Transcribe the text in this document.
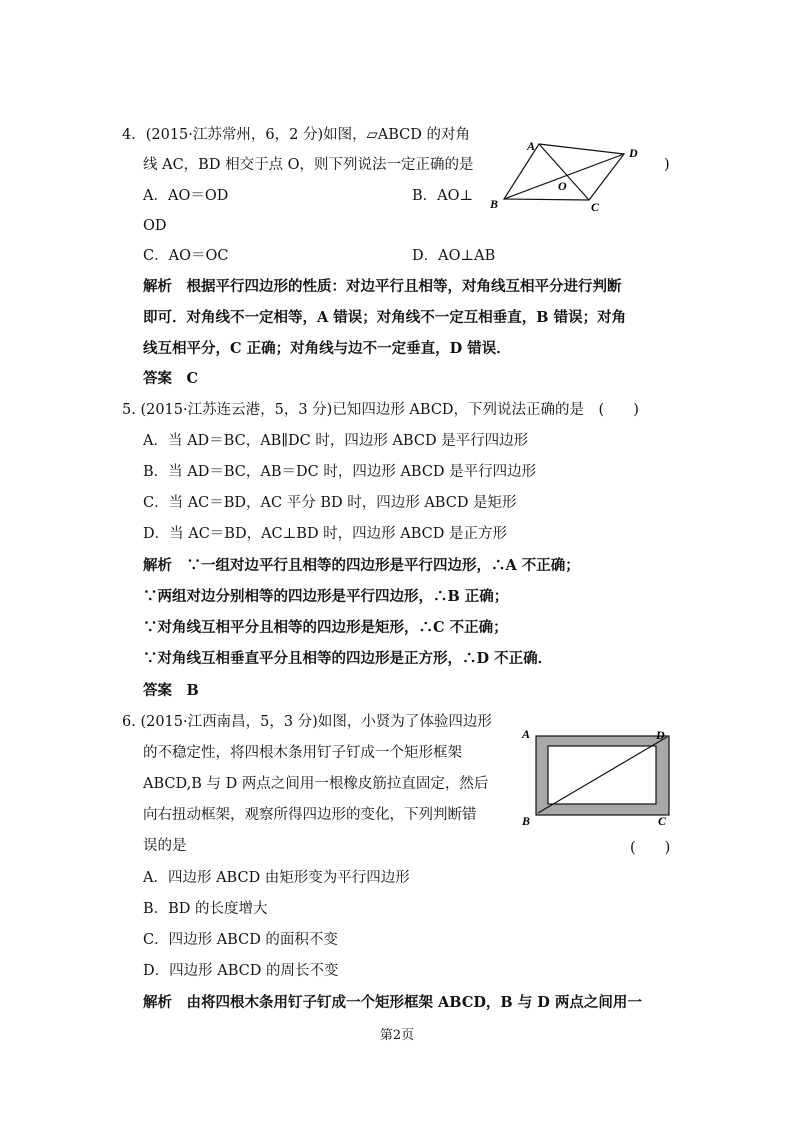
4．(2015·江苏常州，6，2 分)如图，▱ABCD 的对角
线 AC，BD 相交于点 O，则下列说法一定正确的是	)
A．AO＝OD	B．AO⊥
OD
C．AO＝OC	D．AO⊥AB
解析　根据平行四边形的性质：对边平行且相等，对角线互相平分进行判断
即可．对角线不一定相等，A 错误；对角线不一定互相垂直，B 错误；对角
线互相平分，C 正确；对角线与边不一定垂直，D 错误．
答案　C
A	D
O
B	C
5. (2015·江苏连云港，5，3 分)已知四边形 ABCD，下列说法正确的是　(　　)
A．当 AD＝BC，AB∥DC 时，四边形 ABCD 是平行四边形
B．当 AD＝BC，AB＝DC 时，四边形 ABCD 是平行四边形
C．当 AC＝BD，AC 平分 BD 时，四边形 ABCD 是矩形
D．当 AC＝BD，AC⊥BD 时，四边形 ABCD 是正方形
解析　∵一组对边平行且相等的四边形是平行四边形，∴A 不正确；
∵两组对边分别相等的四边形是平行四边形，∴B 正确；
∵对角线互相平分且相等的四边形是矩形，∴C 不正确；
∵对角线互相垂直平分且相等的四边形是正方形，∴D 不正确．
答案　B
6. (2015·江西南昌，5，3 分)如图，小贤为了体验四边形
的不稳定性，将四根木条用钉子钉成一个矩形框架
ABCD,B 与 D 两点之间用一根橡皮筋拉直固定，然后
向右扭动框架，观察所得四边形的变化，下列判断错
误的是	(　　)
A．四边形 ABCD 由矩形变为平行四边形
B．BD 的长度增大
C．四边形 ABCD 的面积不变
D．四边形 ABCD 的周长不变
解析　由将四根木条用钉子钉成一个矩形框架 ABCD，B 与 D 两点之间用一
A	D
B	C
第2页
